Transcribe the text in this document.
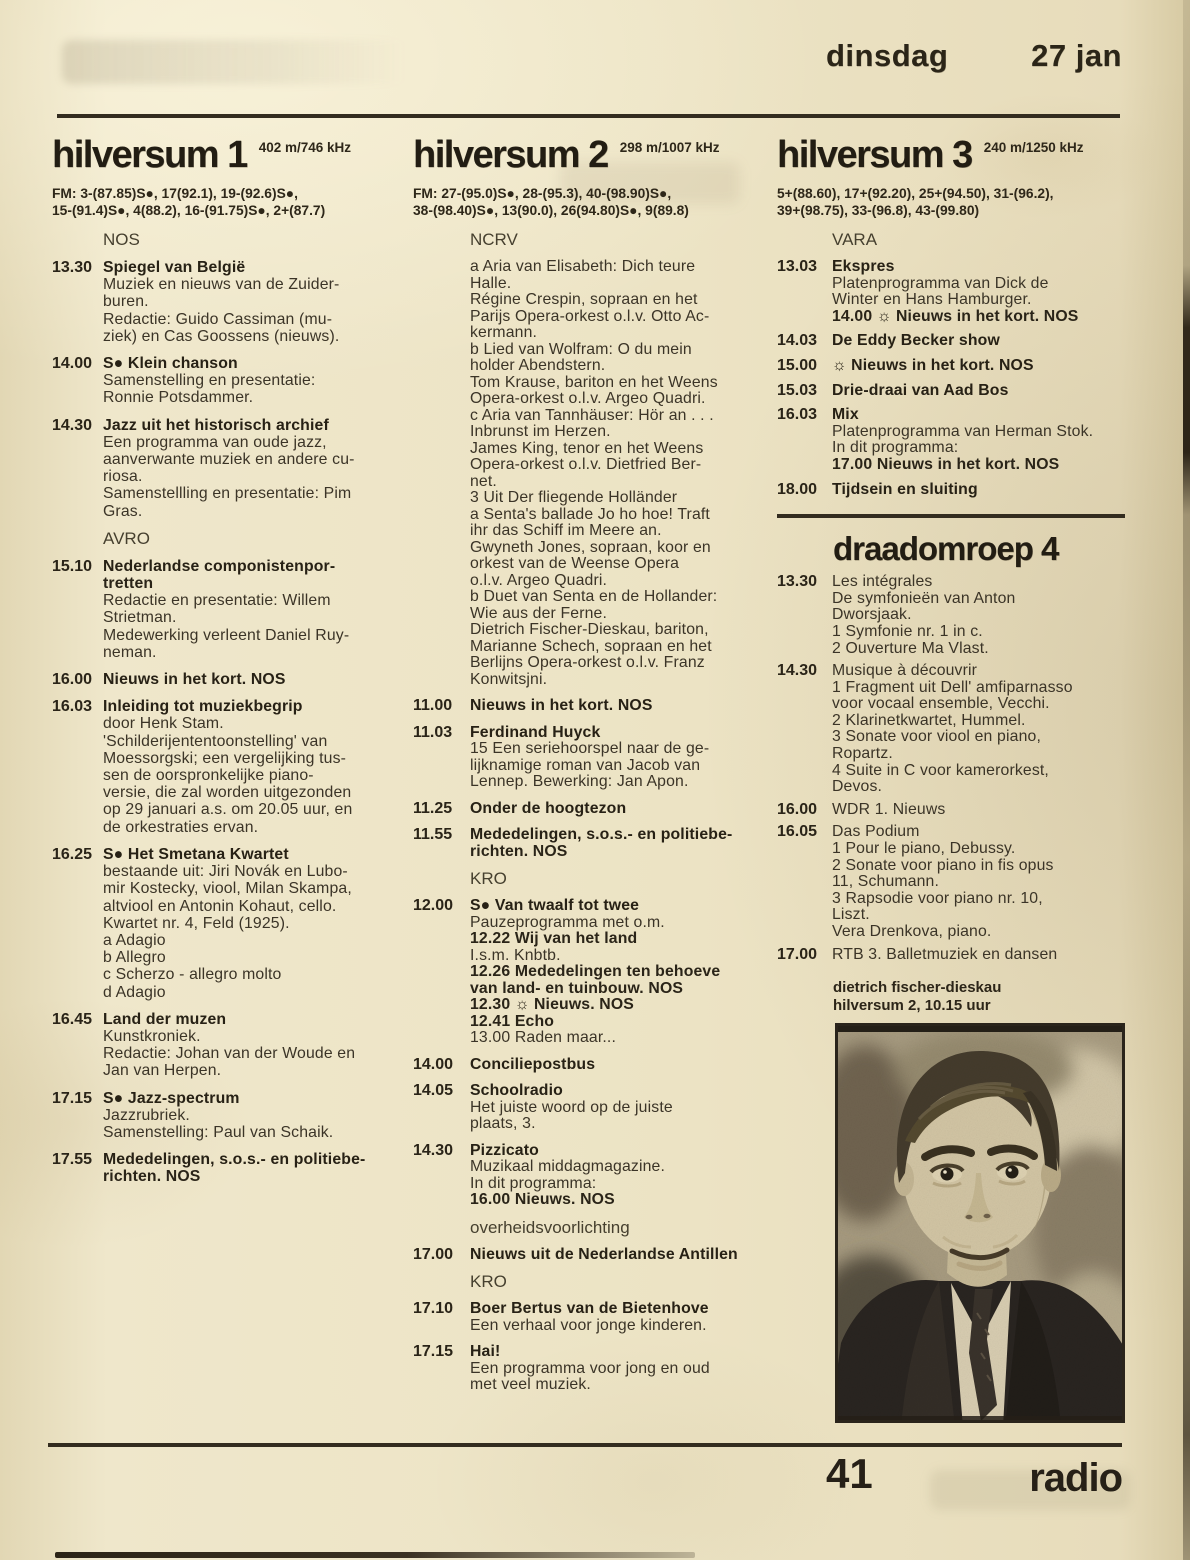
dinsdag	27 jan
hilversum 1 $^{402 m/746 kHz}$
FM: 3-(87.85)S●, 17(92.1), 19-(92.6)S●,
15-(91.4)S●, 4(88.2), 16-(91.75)S●, 2+(87.7)
NOS
13.30 Spiegel van België
Muziek en nieuws van de Zuider-
buren.
Redactie: Guido Cassiman (mu-
ziek) en Cas Goossens (nieuws).
14.00 S● Klein chanson
Samenstelling en presentatie:
Ronnie Potsdammer.
14.30 Jazz uit het historisch archief
Een programma van oude jazz,
aanverwante muziek en andere cu-
riosa.
Samenstellling en presentatie: Pim
Gras.
AVRO
15.10 Nederlandse componistenpor-
tretten
Redactie en presentatie: Willem
Strietman.
Medewerking verleent Daniel Ruy-
neman.
16.00 Nieuws in het kort. NOS
16.03 Inleiding tot muziekbegrip
door Henk Stam.
'Schilderijententoonstelling' van
Moessorgski; een vergelijking tus-
sen de oorspronkelijke piano-
versie, die zal worden uitgezonden
op 29 januari a.s. om 20.05 uur, en
de orkestraties ervan.
16.25 S● Het Smetana Kwartet
bestaande uit: Jiri Novák en Lubo-
mir Kostecky, viool, Milan Skampa,
altviool en Antonin Kohaut, cello.
Kwartet nr. 4, Feld (1925).
a Adagio
b Allegro
c Scherzo - allegro molto
d Adagio
16.45 Land der muzen
Kunstkroniek.
Redactie: Johan van der Woude en
Jan van Herpen.
17.15 S● Jazz-spectrum
Jazzrubriek.
Samenstelling: Paul van Schaik.
17.55 Mededelingen, s.o.s.- en politiebe-
richten. NOS
hilversum 2 $^{298 m/1007 kHz}$
FM: 27-(95.0)S●, 28-(95.3), 40-(98.90)S●,
38-(98.40)S●, 13(90.0), 26(94.80)S●, 9(89.8)
NCRV
a Aria van Elisabeth: Dich teure
Halle.
Régine Crespin, sopraan en het
Parijs Opera-orkest o.l.v. Otto Ac-
kermann.
b Lied van Wolfram: O du mein
holder Abendstern.
Tom Krause, bariton en het Weens
Opera-orkest o.l.v. Argeo Quadri.
c Aria van Tannhäuser: Hör an . . .
Inbrunst im Herzen.
James King, tenor en het Weens
Opera-orkest o.l.v. Dietfried Ber-
net.
3 Uit Der fliegende Holländer
a Senta's ballade Jo ho hoe! Traft
ihr das Schiff im Meere an.
Gwyneth Jones, sopraan, koor en
orkest van de Weense Opera
o.l.v. Argeo Quadri.
b Duet van Senta en de Hollander:
Wie aus der Ferne.
Dietrich Fischer-Dieskau, bariton,
Marianne Schech, sopraan en het
Berlijns Opera-orkest o.l.v. Franz
Konwitsjni.
11.00	Nieuws in het kort. NOS
11.03	Ferdinand Huyck
15 Een seriehoorspel naar de ge-
lijknamige roman van Jacob van
Lennep. Bewerking: Jan Apon.
11.25	Onder de hoogtezon
11.55	Mededelingen, s.o.s.- en politiebe-
richten. NOS
KRO
12.00	S● Van twaalf tot twee
Pauzeprogramma met o.m.
12.22 Wij van het land
I.s.m. Knbtb.
12.26 Mededelingen ten behoeve
van land- en tuinbouw. NOS
12.30 ☼ Nieuws. NOS
12.41 Echo
13.00 Raden maar...
14.00	Conciliepostbus
14.05	Schoolradio
Het juiste woord op de juiste
plaats, 3.
14.30	Pizzicato
Muzikaal middagmagazine.
In dit programma:
16.00 Nieuws. NOS
overheidsvoorlichting
17.00	Nieuws uit de Nederlandse Antillen
KRO
17.10	Boer Bertus van de Bietenhove
Een verhaal voor jonge kinderen.
17.15	Hai!
Een programma voor jong en oud
met veel muziek.
hilversum 3 $^{240 m/1250 kHz}$
5+(88.60), 17+(92.20), 25+(94.50), 31-(96.2),
39+(98.75), 33-(96.8), 43-(99.80)
VARA
13.03 Ekspres
Platenprogramma van Dick de
Winter en Hans Hamburger.
14.00 ☼ Nieuws in het kort. NOS
14.03 De Eddy Becker show
15.00 ☼ Nieuws in het kort. NOS
15.03 Drie-draai van Aad Bos
16.03 Mix
Platenprogramma van Herman Stok.
In dit programma:
17.00 Nieuws in het kort. NOS
18.00 Tijdsein en sluiting
draadomroep 4
13.30 Les intégrales
De symfonieën van Anton
Dworsjaak.
1 Symfonie nr. 1 in c.
2 Ouverture Ma Vlast.
14.30 Musique à découvrir
1 Fragment uit Dell' amfiparnasso
voor vocaal ensemble, Vecchi.
2 Klarinetkwartet, Hummel.
3 Sonate voor viool en piano,
Ropartz.
4 Suite in C voor kamerorkest,
Devos.
16.00 WDR 1. Nieuws
16.05 Das Podium
1 Pour le piano, Debussy.
2 Sonate voor piano in fis opus
11, Schumann.
3 Rapsodie voor piano nr. 10,
Liszt.
Vera Drenkova, piano.
17.00 RTB 3. Balletmuziek en dansen
dietrich fischer-dieskau
hilversum 2, 10.15 uur
41	radio
